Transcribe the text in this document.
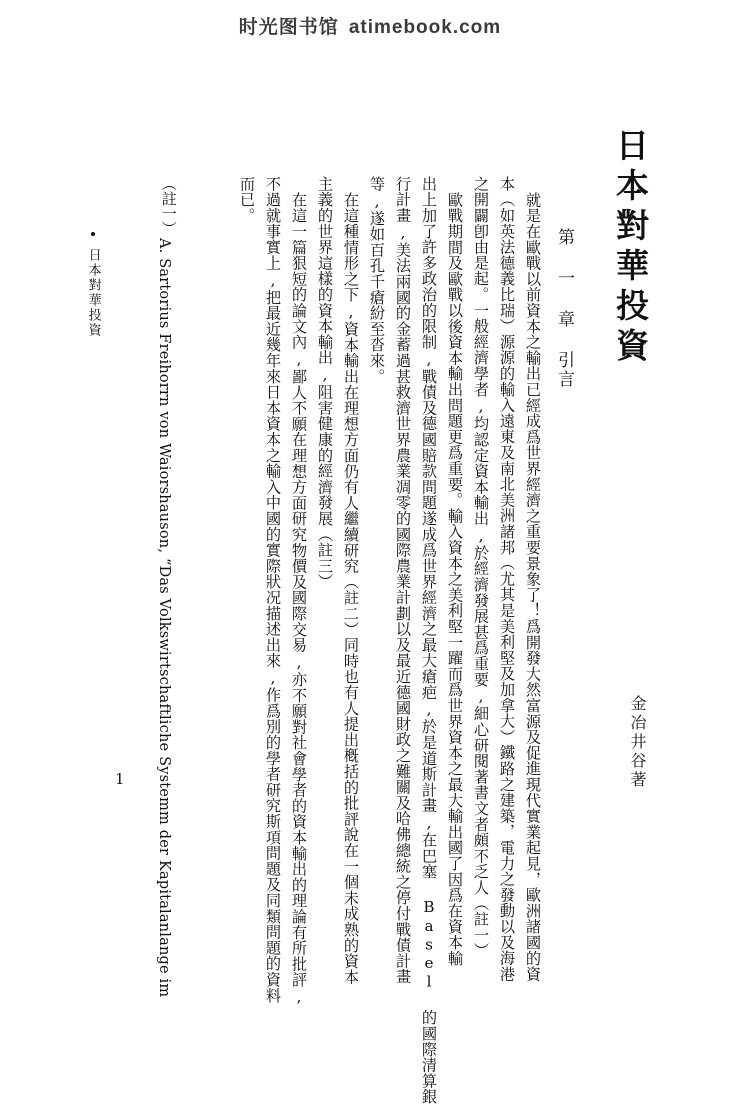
时光图书馆 atimebook.com
日本對華投資
金冶井谷著
第 一 章 引言
就是在歐戰以前資本之輸出已經成爲世界經濟之重要景象了！爲開發大然富源及促進現代實業起見，歐洲諸國的資
本（如英法德義比瑞）源源的輸入遠東及南北美洲諸邦（尤其是美利堅及加拿大）鐵路之建築，電力之發動以及海港
之開闢卽由是起。一般經濟學者,均認定資本輸出,於經濟發展甚爲重要,細心研閱著書文者頗不乏人（註一）
歐戰期間及歐戰以後資本輸出問題更爲重要。輸入資本之美利堅一躍而爲世界資本之最大輸出國了因爲在資本輸
出上加了許多政治的限制,戰債及德國賠款問題遂成爲世界經濟之最大瘡疤,於是道斯計畫,在巴塞 Basel 的國際清算銀
行計畫,美法兩國的金蓄過甚救濟世界農業凋零的國際農業計劃以及最近德國財政之難關及哈佛總統之停付戰債計畫
等,遂如百孔千瘡紛至沓來。
在這種情形之下,資本輸出在理想方面仍有人繼續研究（註二）同時也有人提出槪括的批評說在一個未成熟的資本
主義的世界這樣的資本輸出,阻害健康的經濟發展（註三）
在這一篇狠短的論文內,鄙人不願在理想方面研究物價及國際交易,亦不願對社會學者的資本輸出的理論有所批評,
不過就事實上,把最近幾年來日本資本之輸入中國的實際狀况描述出來,作爲別的學者研究斯項問題及同類問題的資料
而已。
（註一）
A. Sartorius Freihorrn von Waiorshauson, “Das Volkswirtschaftliche Systemm der Kapitalanlange im
日本對華投資
1
